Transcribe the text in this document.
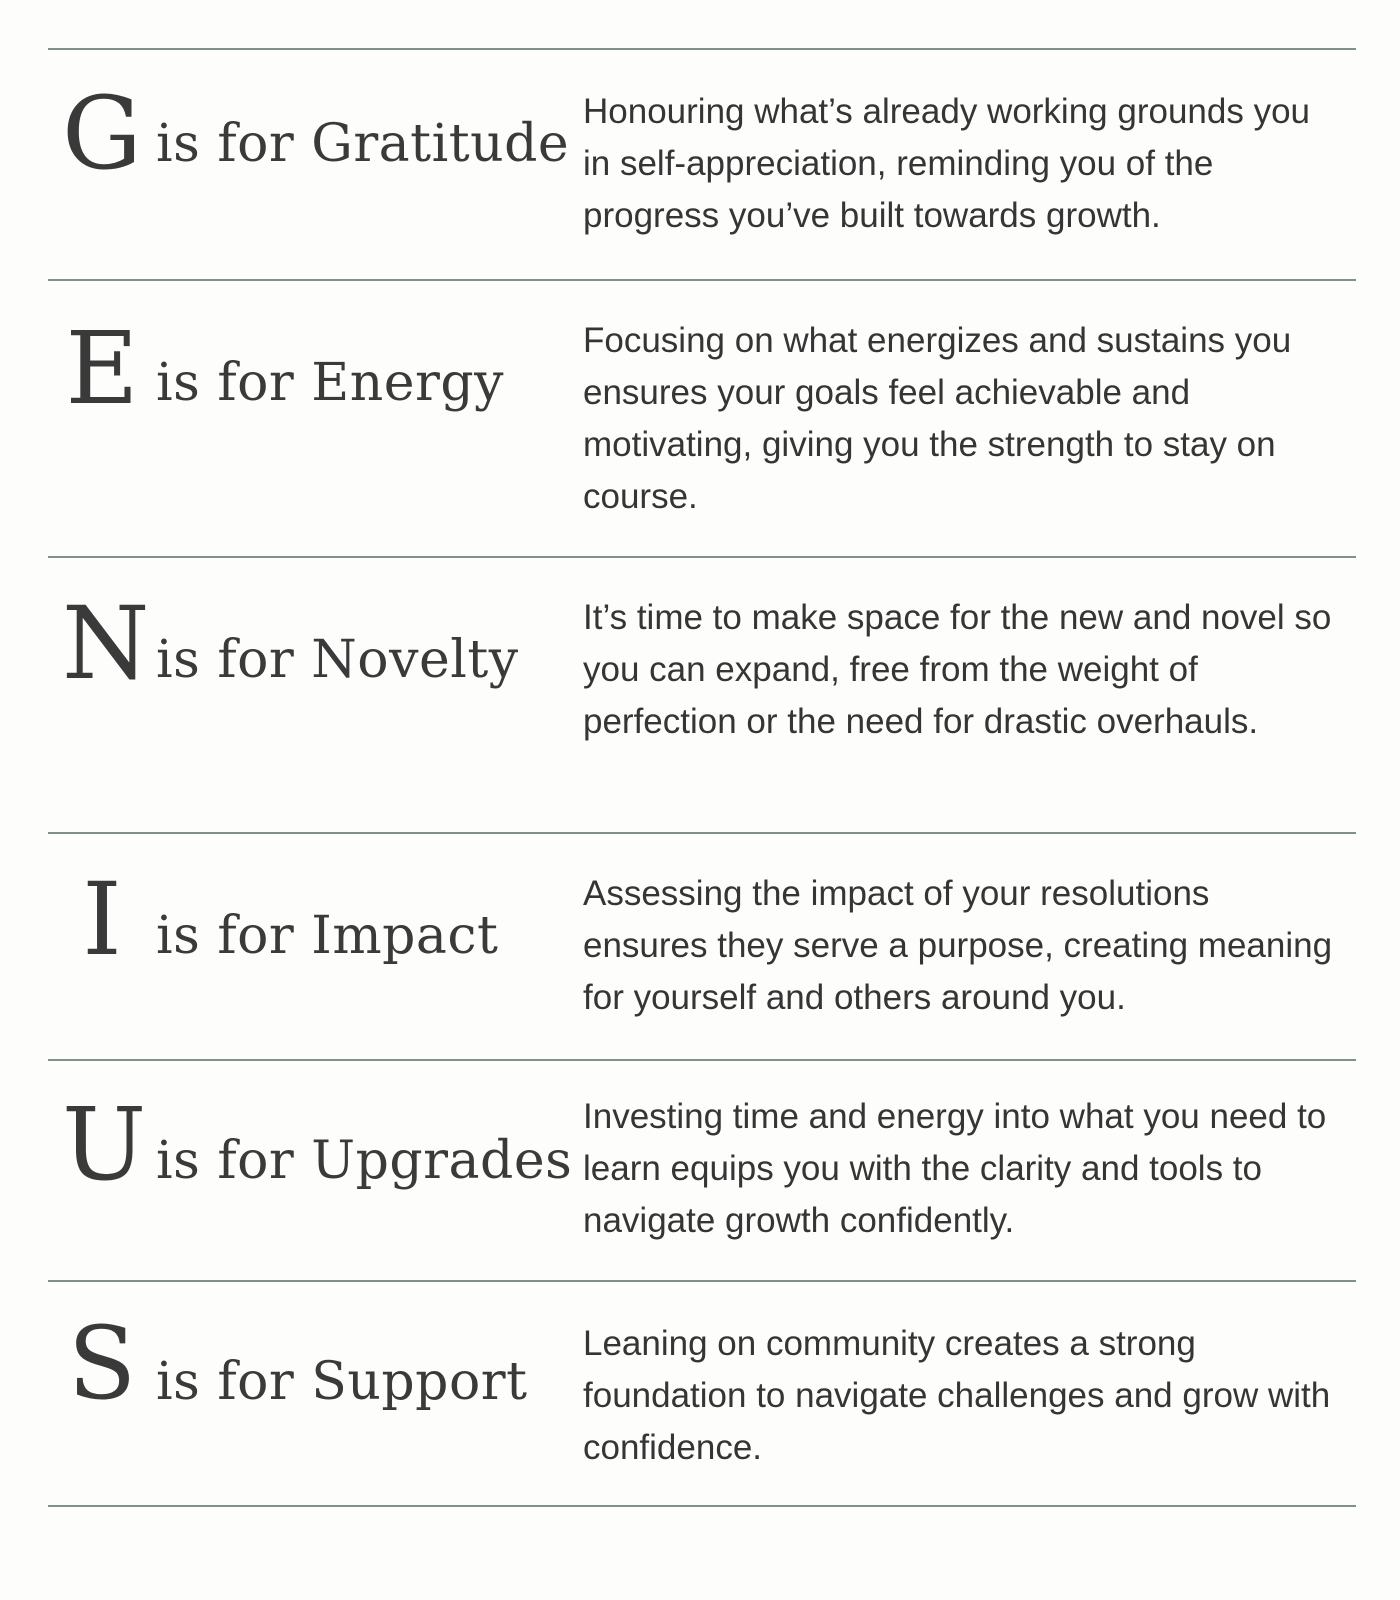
G is for Gratitude

Honouring what’s already working grounds you in self-appreciation, reminding you of the progress you’ve built towards growth.

E is for Energy

Focusing on what energizes and sustains you ensures your goals feel achievable and motivating, giving you the strength to stay on course.

N is for Novelty

It’s time to make space for the new and novel so you can expand, free from the weight of perfection or the need for drastic overhauls.

I is for Impact

Assessing the impact of your resolutions ensures they serve a purpose, creating meaning for yourself and others around you.

U is for Upgrades

Investing time and energy into what you need to learn equips you with the clarity and tools to navigate growth confidently.

S is for Support

Leaning on community creates a strong foundation to navigate challenges and grow with confidence.
